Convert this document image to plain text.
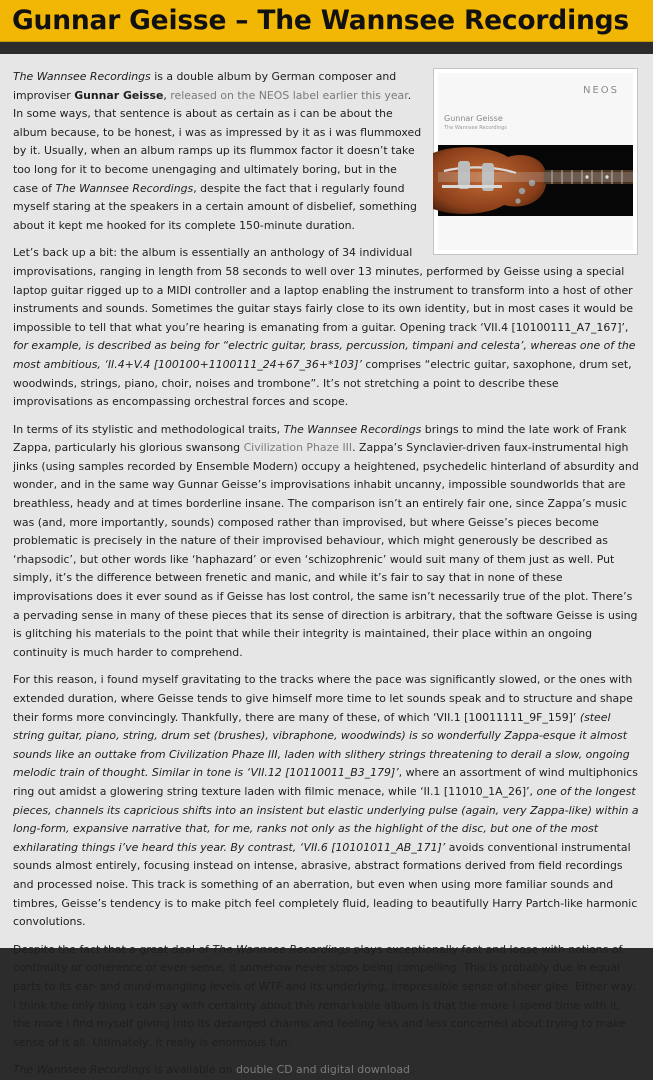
Gunnar Geisse – The Wannsee Recordings
NEOS
Gunnar Geisse
The Wannsee Recordings

The Wannsee Recordings is a double album by German composer and improviser Gunnar Geisse, released on the NEOS label earlier this year. In some ways, that sentence is about as certain as i can be about the album because, to be honest, i was as impressed by it as i was flummoxed by it. Usually, when an album ramps up its flummox factor it doesn’t take too long for it to become unengaging and ultimately boring, but in the case of The Wannsee Recordings, despite the fact that i regularly found myself staring at the speakers in a certain amount of disbelief, something about it kept me hooked for its complete 150-minute duration.

Let’s back up a bit: the album is essentially an anthology of 34 individual improvisations, ranging in length from 58 seconds to well over 13 minutes, performed by Geisse using a special laptop guitar rigged up to a MIDI controller and a laptop enabling the instrument to transform into a host of other instruments and sounds. Sometimes the guitar stays fairly close to its own identity, but in most cases it would be impossible to tell that what you’re hearing is emanating from a guitar. Opening track ‘VII.4 [10100111_A7_167]’, for example, is described as being for “electric guitar, brass, percussion, timpani and celesta’, whereas one of the most ambitious, ‘II.4+V.4 [100100+1100111_24+67_36+*103]’ comprises “electric guitar, saxophone, drum set, woodwinds, strings, piano, choir, noises and trombone”. It’s not stretching a point to describe these improvisations as encompassing orchestral forces and scope.

In terms of its stylistic and methodological traits, The Wannsee Recordings brings to mind the late work of Frank Zappa, particularly his glorious swansong Civilization Phaze III. Zappa’s Synclavier-driven faux-instrumental high jinks (using samples recorded by Ensemble Modern) occupy a heightened, psychedelic hinterland of absurdity and wonder, and in the same way Gunnar Geisse’s improvisations inhabit uncanny, impossible soundworlds that are breathless, heady and at times borderline insane. The comparison isn’t an entirely fair one, since Zappa’s music was (and, more importantly, sounds) composed rather than improvised, but where Geisse’s pieces become problematic is precisely in the nature of their improvised behaviour, which might generously be described as ‘rhapsodic’, but other words like ‘haphazard’ or even ‘schizophrenic’ would suit many of them just as well. Put simply, it’s the difference between frenetic and manic, and while it’s fair to say that in none of these improvisations does it ever sound as if Geisse has lost control, the same isn’t necessarily true of the plot. There’s a pervading sense in many of these pieces that its sense of direction is arbitrary, that the software Geisse is using is glitching his materials to the point that while their integrity is maintained, their place within an ongoing continuity is much harder to comprehend.

For this reason, i found myself gravitating to the tracks where the pace was significantly slowed, or the ones with extended duration, where Geisse tends to give himself more time to let sounds speak and to structure and shape their forms more convincingly. Thankfully, there are many of these, of which ‘VII.1 [10011111_9F_159]’ (steel string guitar, piano, string, drum set (brushes), vibraphone, woodwinds) is so wonderfully Zappa-esque it almost sounds like an outtake from Civilization Phaze III, laden with slithery strings threatening to derail a slow, ongoing melodic train of thought. Similar in tone is ‘VII.12 [10110011_B3_179]’, where an assortment of wind multiphonics ring out amidst a glowering string texture laden with filmic menace, while ‘II.1 [11010_1A_26]’, one of the longest pieces, channels its capricious shifts into an insistent but elastic underlying pulse (again, very Zappa-like) within a long-form, expansive narrative that, for me, ranks not only as the highlight of the disc, but one of the most exhilarating things i’ve heard this year. By contrast, ‘VII.6 [10101011_AB_171]’ avoids conventional instrumental sounds almost entirely, focusing instead on intense, abrasive, abstract formations derived from field recordings and processed noise. This track is something of an aberration, but even when using more familiar sounds and timbres, Geisse’s tendency is to make pitch feel completely fluid, leading to beautifully Harry Partch-like harmonic convolutions.

Despite the fact that a great deal of The Wannsee Recordings plays exceptionally fast and loose with notions of continuity or coherence or even sense, it somehow never stops being compelling. This is probably due in equal parts to its ear- and mind-mangling levels of WTF and its underlying, irrepressible sense of sheer glee. Either way, i think the only thing i can say with certainty about this remarkable album is that the more i spend time with it, the more i find myself giving into its deranged charms and feeling less and less concerned about trying to make sense of it all. Ultimately, it really is enormous fun.

The Wannsee Recordings is available on double CD and digital download.
